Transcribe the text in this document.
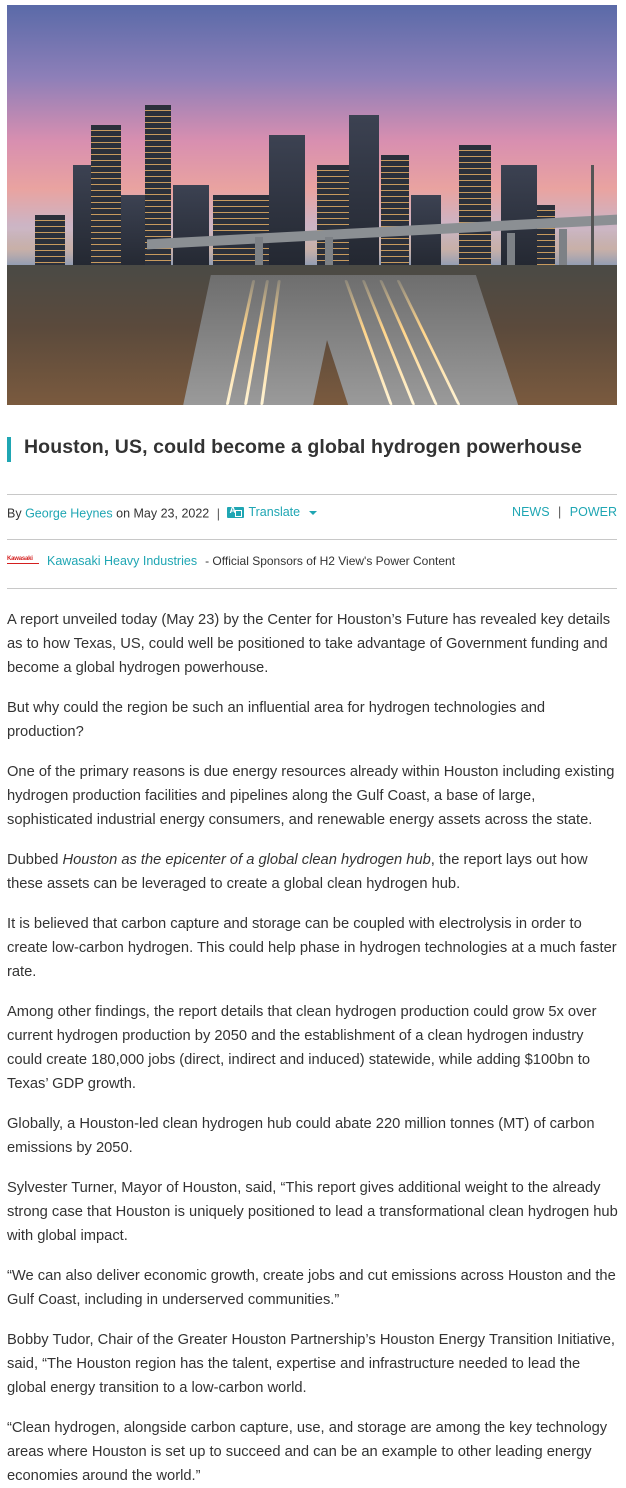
Houston, US, could become a global hydrogen powerhouse
By George Heynes on May 23, 2022 |
A Translate	NEWS | POWER
Kawasaki Kawasaki Heavy Industries - Official Sponsors of H2 View's Power Content

A report unveiled today (May 23) by the Center for Houston’s Future has revealed key details as to how Texas, US, could well be positioned to take advantage of Government funding and become a global hydrogen powerhouse.

But why could the region be such an influential area for hydrogen technologies and production?

One of the primary reasons is due energy resources already within Houston including existing hydrogen production facilities and pipelines along the Gulf Coast, a base of large, sophisticated industrial energy consumers, and renewable energy assets across the state.

Dubbed Houston as the epicenter of a global clean hydrogen hub, the report lays out how these assets can be leveraged to create a global clean hydrogen hub.

It is believed that carbon capture and storage can be coupled with electrolysis in order to create low-carbon hydrogen. This could help phase in hydrogen technologies at a much faster rate.

Among other findings, the report details that clean hydrogen production could grow 5x over current hydrogen production by 2050 and the establishment of a clean hydrogen industry could create 180,000 jobs (direct, indirect and induced) statewide, while adding $100bn to Texas’ GDP growth.

Globally, a Houston-led clean hydrogen hub could abate 220 million tonnes (MT) of carbon emissions by 2050.

Sylvester Turner, Mayor of Houston, said, “This report gives additional weight to the already strong case that Houston is uniquely positioned to lead a transformational clean hydrogen hub with global impact.

“We can also deliver economic growth, create jobs and cut emissions across Houston and the Gulf Coast, including in underserved communities.”

Bobby Tudor, Chair of the Greater Houston Partnership’s Houston Energy Transition Initiative, said, “The Houston region has the talent, expertise and infrastructure needed to lead the global energy transition to a low-carbon world.

“Clean hydrogen, alongside carbon capture, use, and storage are among the key technology areas where Houston is set up to succeed and can be an example to other leading energy economies around the world.”
